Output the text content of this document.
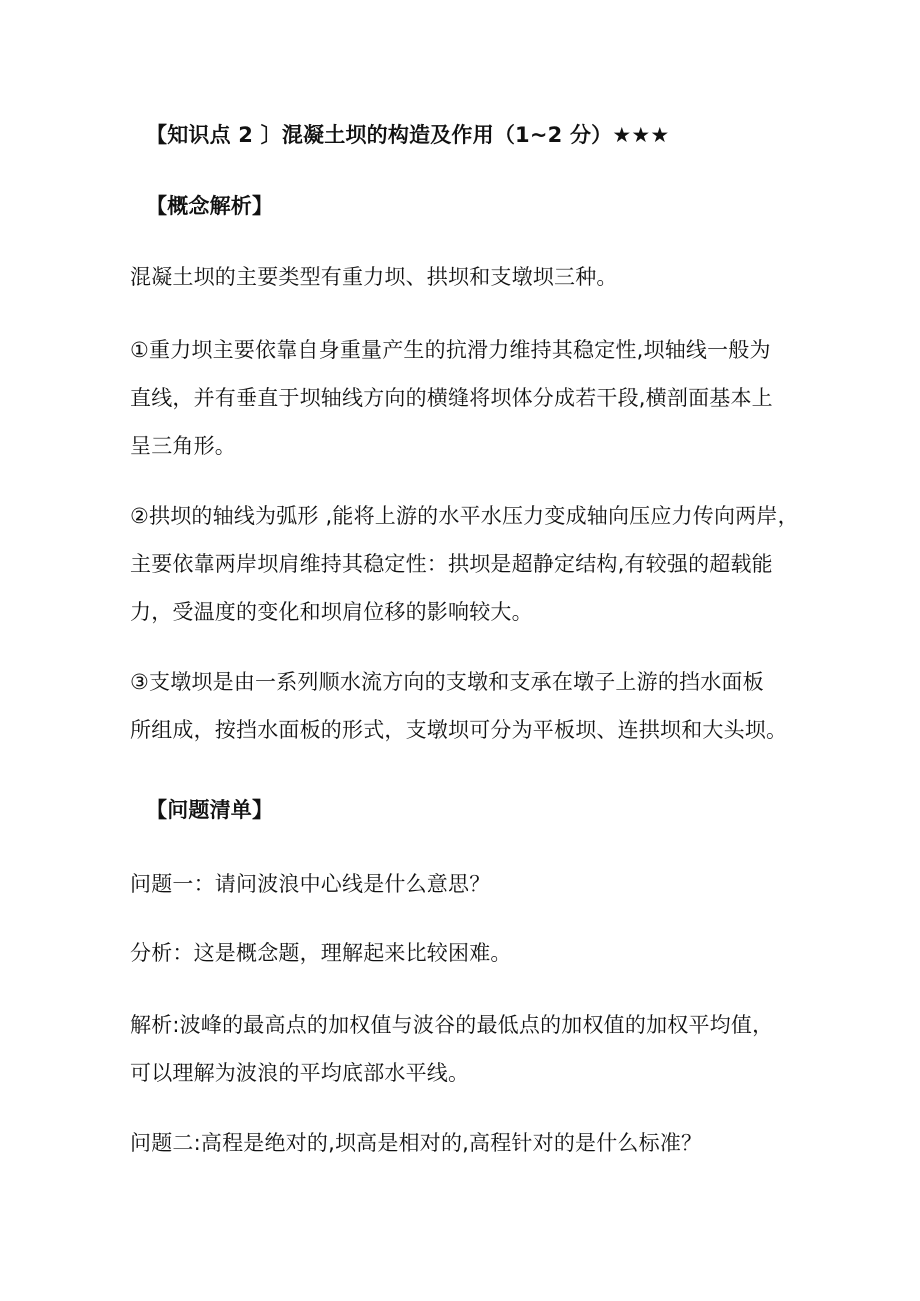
【知识点 2 〕混凝土坝的构造及作用（1~2 分）★★★
【概念解析】
混凝土坝的主要类型有重力坝、拱坝和支墩坝三种。
①重力坝主要依靠自身重量产生的抗滑力维持其稳定性,坝轴线一般为
直线，并有垂直于坝轴线方向的横缝将坝体分成若干段,横剖面基本上
呈三角形。
②拱坝的轴线为弧形 ,能将上游的水平水压力变成轴向压应力传向两岸，
主要依靠两岸坝肩维持其稳定性：拱坝是超静定结构,有较强的超载能
力，受温度的变化和坝肩位移的影响较大。
③支墩坝是由一系列顺水流方向的支墩和支承在墩子上游的挡水面板
所组成，按挡水面板的形式，支墩坝可分为平板坝、连拱坝和大头坝。
【问题清单】
问题一：请问波浪中心线是什么意思？
分析：这是概念题，理解起来比较困难。
解析:波峰的最高点的加权值与波谷的最低点的加权值的加权平均值，
可以理解为波浪的平均底部水平线。
问题二:高程是绝对的,坝高是相对的,高程针对的是什么标准？
